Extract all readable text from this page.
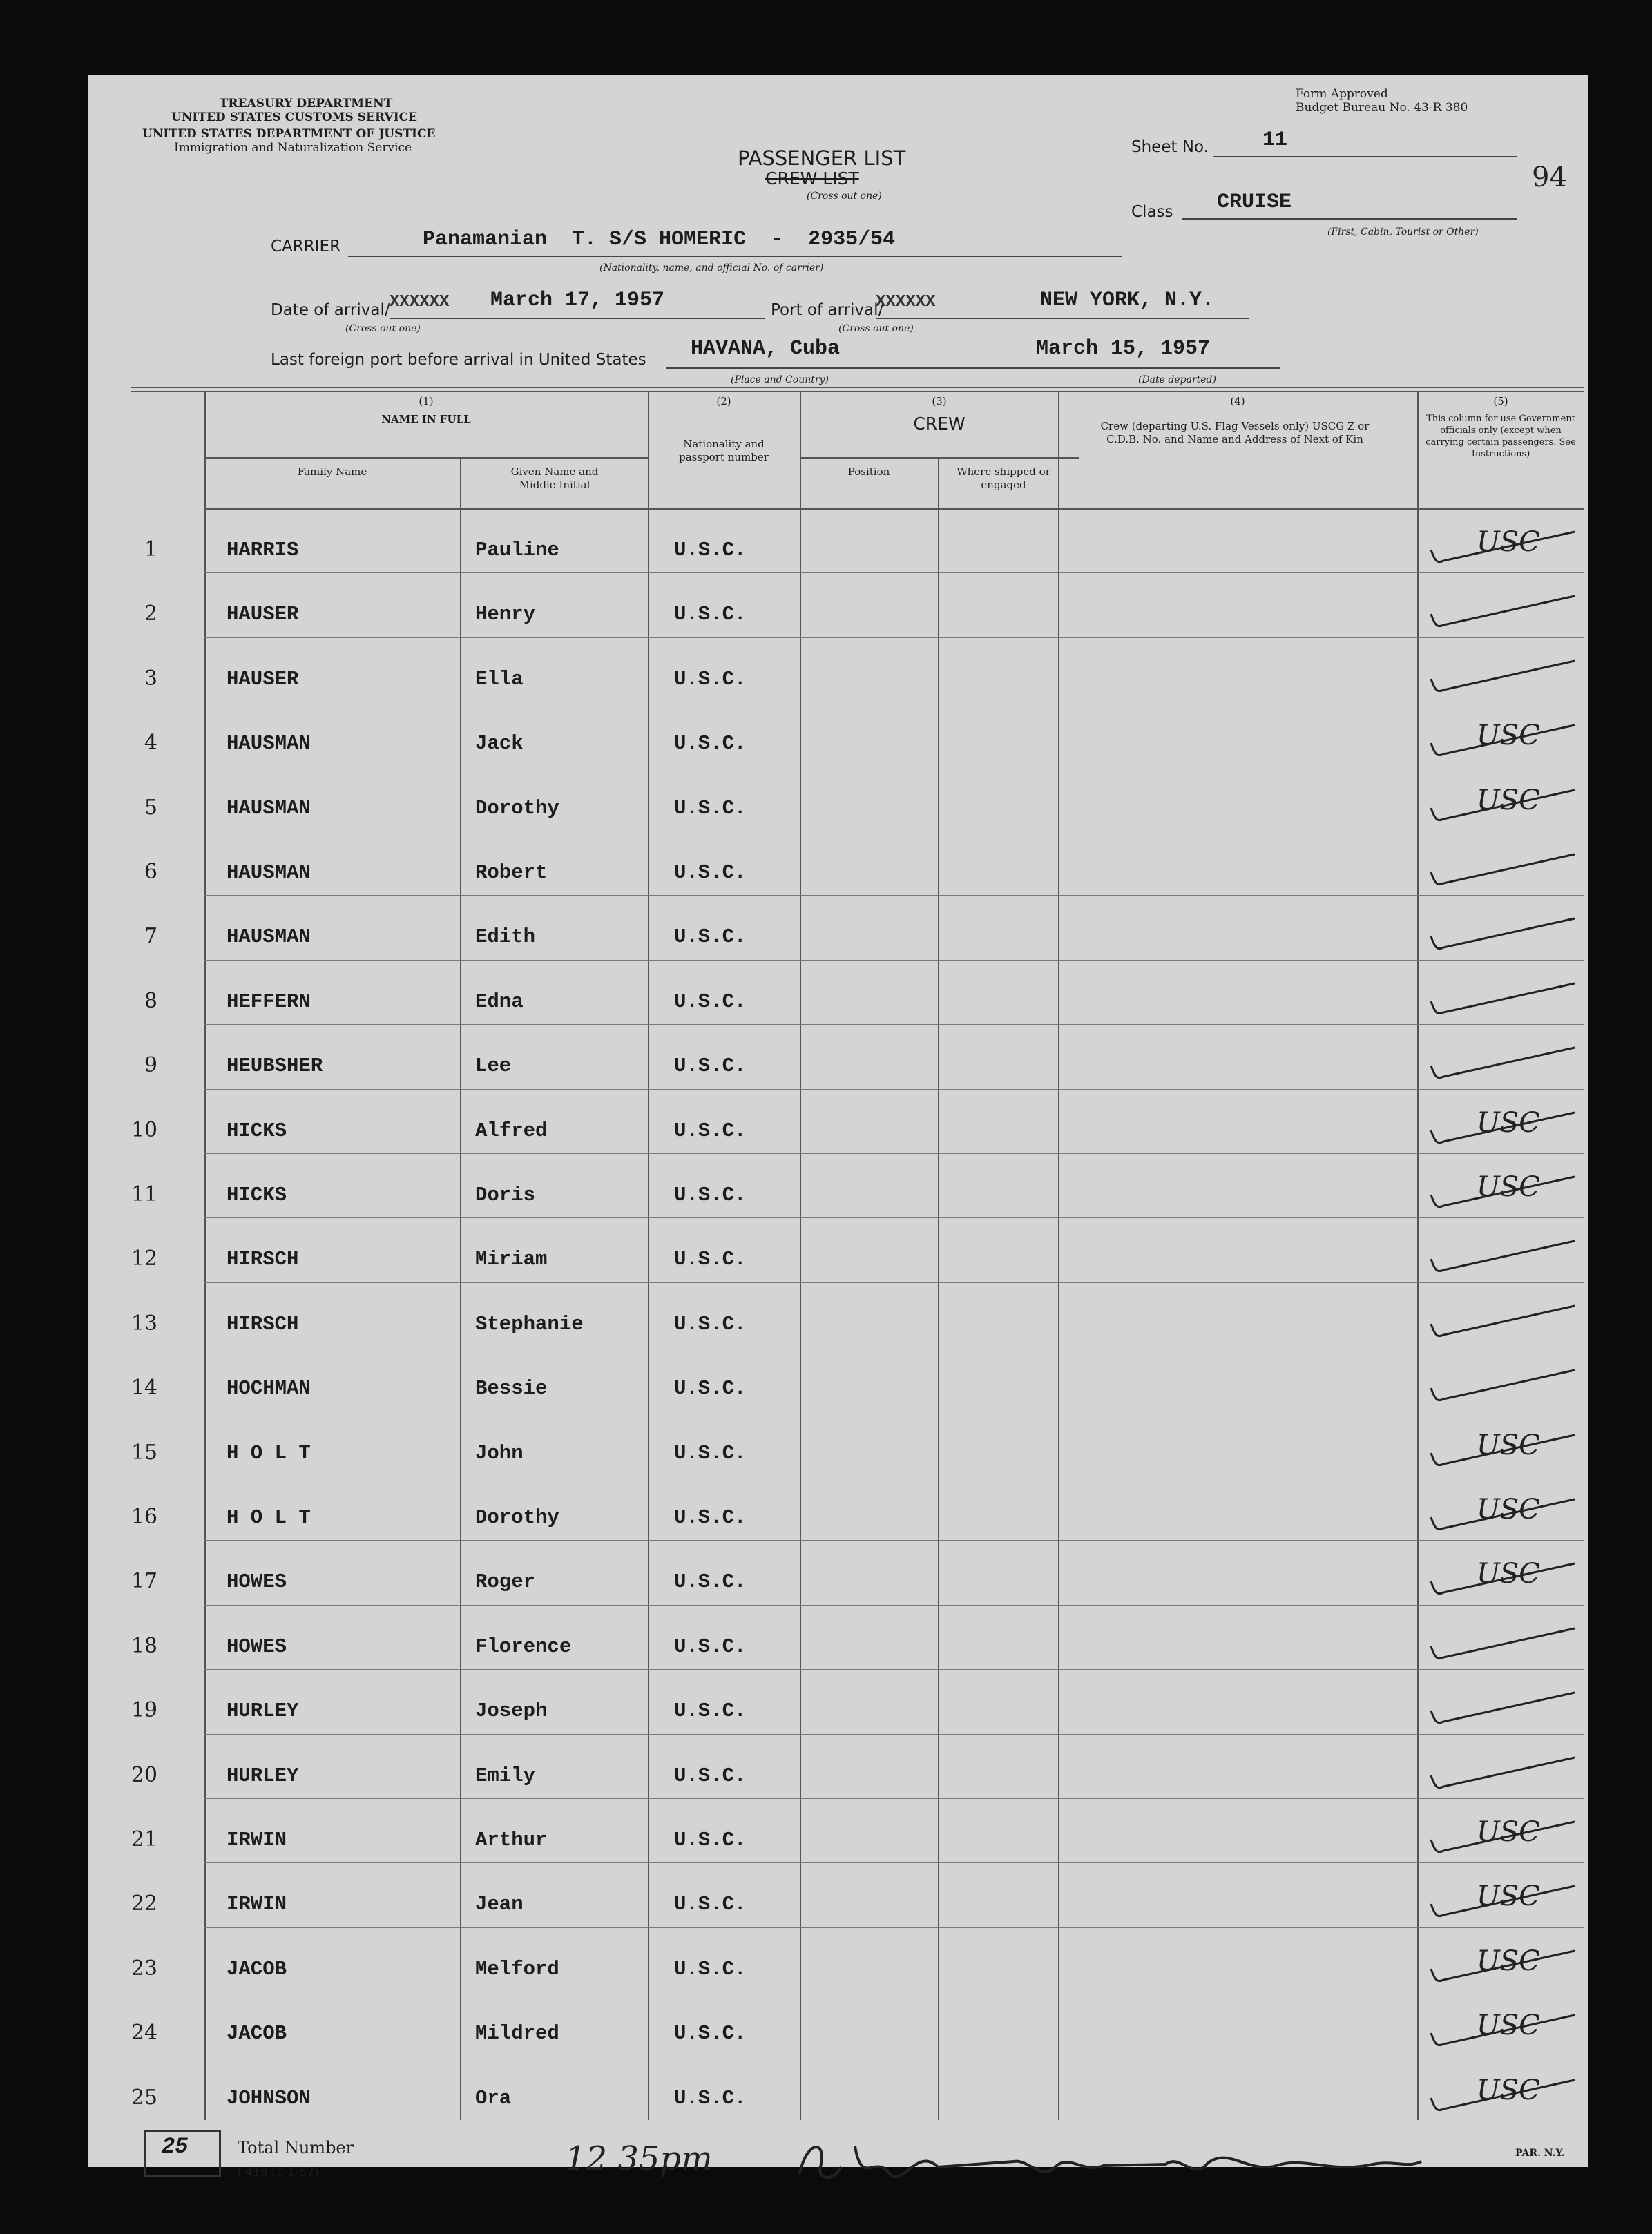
TREASURY DEPARTMENT
UNITED STATES CUSTOMS SERVICE
UNITED STATES DEPARTMENT OF JUSTICE
Immigration and Naturalization Service
Form Approved
Budget Bureau No. 43-R 380
PASSENGER LIST
CREW LIST
(Cross out one)
Sheet No.	11
94
Class CRUISE
(First, Cabin, Tourist or Other)
CARRIER	Panamanian  T. S/S HOMERIC  -  2935/54
(Nationality, name, and official No. of carrier)
Date of arrival/ XXXXXX March 17, 1957
(Cross out one)
Port of arrival/
XXXXXX	NEW YORK, N.Y.
(Cross out one)
Last foreign port before arrival in United States HAVANA, Cuba
(Place and Country)
March 15, 1957
(Date departed)
(1)
NAME IN FULL
Family Name	Given Name and Middle Initial
(2)
Nationality and passport number
(3)
CREW
Position	Where shipped or engaged
(4)
Crew (departing U.S. Flag Vessels only) USCG Z or C.D.B. No. and Name and Address of Next of Kin
(5)
This column for use Government officials only (except when carrying certain passengers. See Instructions)
1	HARRIS	Pauline	U.S.C.	USC
2	HAUSER	Henry	U.S.C.
3	HAUSER	Ella	U.S.C.
4	HAUSMAN	Jack	U.S.C.	USC
5	HAUSMAN	Dorothy	U.S.C.	USC
6	HAUSMAN	Robert	U.S.C.
7	HAUSMAN	Edith	U.S.C.
8	HEFFERN	Edna	U.S.C.
9	HEUBSHER	Lee	U.S.C.
10	HICKS	Alfred	U.S.C.	USC
11	HICKS	Doris	U.S.C.	USC
12	HIRSCH	Miriam	U.S.C.
13	HIRSCH	Stephanie	U.S.C.
14	HOCHMAN	Bessie	U.S.C.
15	H O L T	John	U.S.C.	USC
16	H O L T	Dorothy	U.S.C.	USC
17	HOWES	Roger	U.S.C.	USC
18	HOWES	Florence	U.S.C.
19	HURLEY	Joseph	U.S.C.
20	HURLEY	Emily	U.S.C.
21	IRWIN	Arthur	U.S.C.	USC
22	IRWIN	Jean	U.S.C.	USC
23	JACOB	Melford	U.S.C.	USC
24	JACOB	Mildred	U.S.C.	USC
25	JOHNSON	Ora	U.S.C.	USC
25	Total Number
I-418 (1-1-57)
PAR. N.Y.
12 35pm
